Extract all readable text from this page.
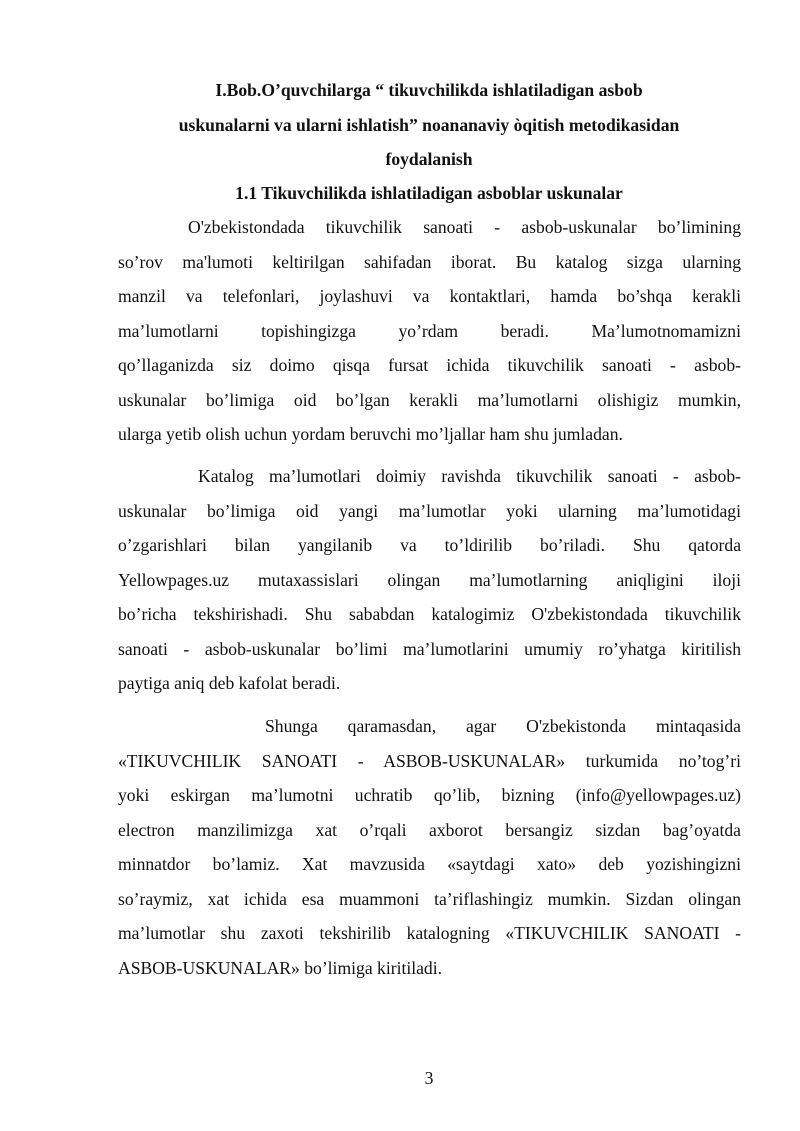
I.Bob.O’quvchilarga “ tikuvchilikda ishlatiladigan asbob
uskunalarni va ularni ishlatish” noananaviy òqitish metodikasidan
foydalanish
1.1 Tikuvchilikda ishlatiladigan asboblar uskunalar
O'zbekistondada tikuvchilik sanoati - asbob-uskunalar bo’limining
so’rov ma'lumoti keltirilgan sahifadan iborat. Bu katalog sizga ularning
manzil va telefonlari, joylashuvi va kontaktlari, hamda bo’shqa kerakli
ma’lumotlarni topishingizga yo’rdam beradi. Ma’lumotnomamizni
qo’llaganizda siz doimo qisqa fursat ichida tikuvchilik sanoati - asbob-
uskunalar bo’limiga oid bo’lgan kerakli ma’lumotlarni olishigiz mumkin,
ularga yetib olish uchun yordam beruvchi mo’ljallar ham shu jumladan.
Katalog ma’lumotlari doimiy ravishda tikuvchilik sanoati - asbob-
uskunalar bo’limiga oid yangi ma’lumotlar yoki ularning ma’lumotidagi
o’zgarishlari bilan yangilanib va to’ldirilib bo’riladi. Shu qatorda
Yellowpages.uz mutaxassislari olingan ma’lumotlarning aniqligini iloji
bo’richa tekshirishadi. Shu sababdan katalogimiz O'zbekistondada tikuvchilik
sanoati - asbob-uskunalar bo’limi ma’lumotlarini umumiy ro’yhatga kiritilish
paytiga aniq deb kafolat beradi.
Shunga qaramasdan, agar O'zbekistonda mintaqasida
«TIKUVCHILIK SANOATI - ASBOB-USKUNALAR» turkumida no’tog’ri
yoki eskirgan ma’lumotni uchratib qo’lib, bizning (info@yellowpages.uz)
electron manzilimizga xat o’rqali axborot bersangiz sizdan bag’oyatda
minnatdor bo’lamiz. Xat mavzusida «saytdagi xato» deb yozishingizni
so’raymiz, xat ichida esa muammoni ta’riflashingiz mumkin. Sizdan olingan
ma’lumotlar shu zaxoti tekshirilib katalogning «TIKUVCHILIK SANOATI -
ASBOB-USKUNALAR» bo’limiga kiritiladi.
3
